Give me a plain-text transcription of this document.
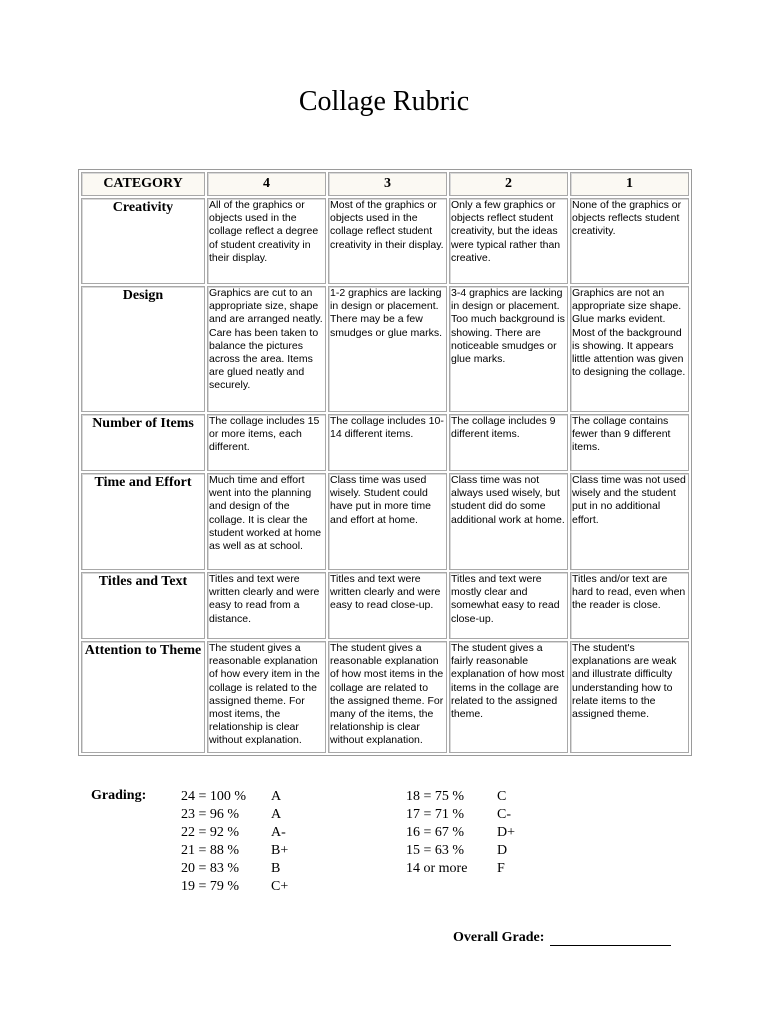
Collage Rubric
CATEGORY	4	3	2	1
Creativity	All of the graphics or objects used in the collage reflect a degree of student creativity in their display.	Most of the graphics or objects used in the collage reflect student creativity in their display.	Only a few graphics or objects reflect student creativity, but the ideas were typical rather than creative.	None of the graphics or objects reflects student creativity.
Design	Graphics are cut to an appropriate size, shape and are arranged neatly. Care has been taken to balance the pictures across the area. Items are glued neatly and securely.	1-2 graphics are lacking in design or placement. There may be a few smudges or glue marks.	3-4 graphics are lacking in design or placement. Too much background is showing. There are noticeable smudges or glue marks.	Graphics are not an appropriate size shape. Glue marks evident. Most of the background is showing. It appears little attention was given to designing the collage.
Number of Items	The collage includes 15 or more items, each different.	The collage includes 10-14 different items.	The collage includes 9 different items.	The collage contains fewer than 9 different items.
Time and Effort	Much time and effort went into the planning and design of the collage. It is clear the student worked at home as well as at school.	Class time was used wisely. Student could have put in more time and effort at home.	Class time was not always used wisely, but student did do some additional work at home.	Class time was not used wisely and the student put in no additional effort.
Titles and Text	Titles and text were written clearly and were easy to read from a distance.	Titles and text were written clearly and were easy to read close-up.	Titles and text were mostly clear and somewhat easy to read close-up.	Titles and/or text are hard to read, even when the reader is close.
Attention to Theme	The student gives a reasonable explanation of how every item in the collage is related to the assigned theme. For most items, the relationship is clear without explanation.	The student gives a reasonable explanation of how most items in the collage are related to the assigned theme. For many of the items, the relationship is clear without explanation.	The student gives a fairly reasonable explanation of how most items in the collage are related to the assigned theme.	The student's explanations are weak and illustrate difficulty understanding how to relate items to the assigned theme.
Grading: 24 = 100 % A
23 = 96 % A
22 = 92 % A-
21 = 88 % B+
20 = 83 % B
19 = 79 % C+
18 = 75 % C
17 = 71 % C-
16 = 67 % D+
15 = 63 % D
14 or more F
Overall Grade:
